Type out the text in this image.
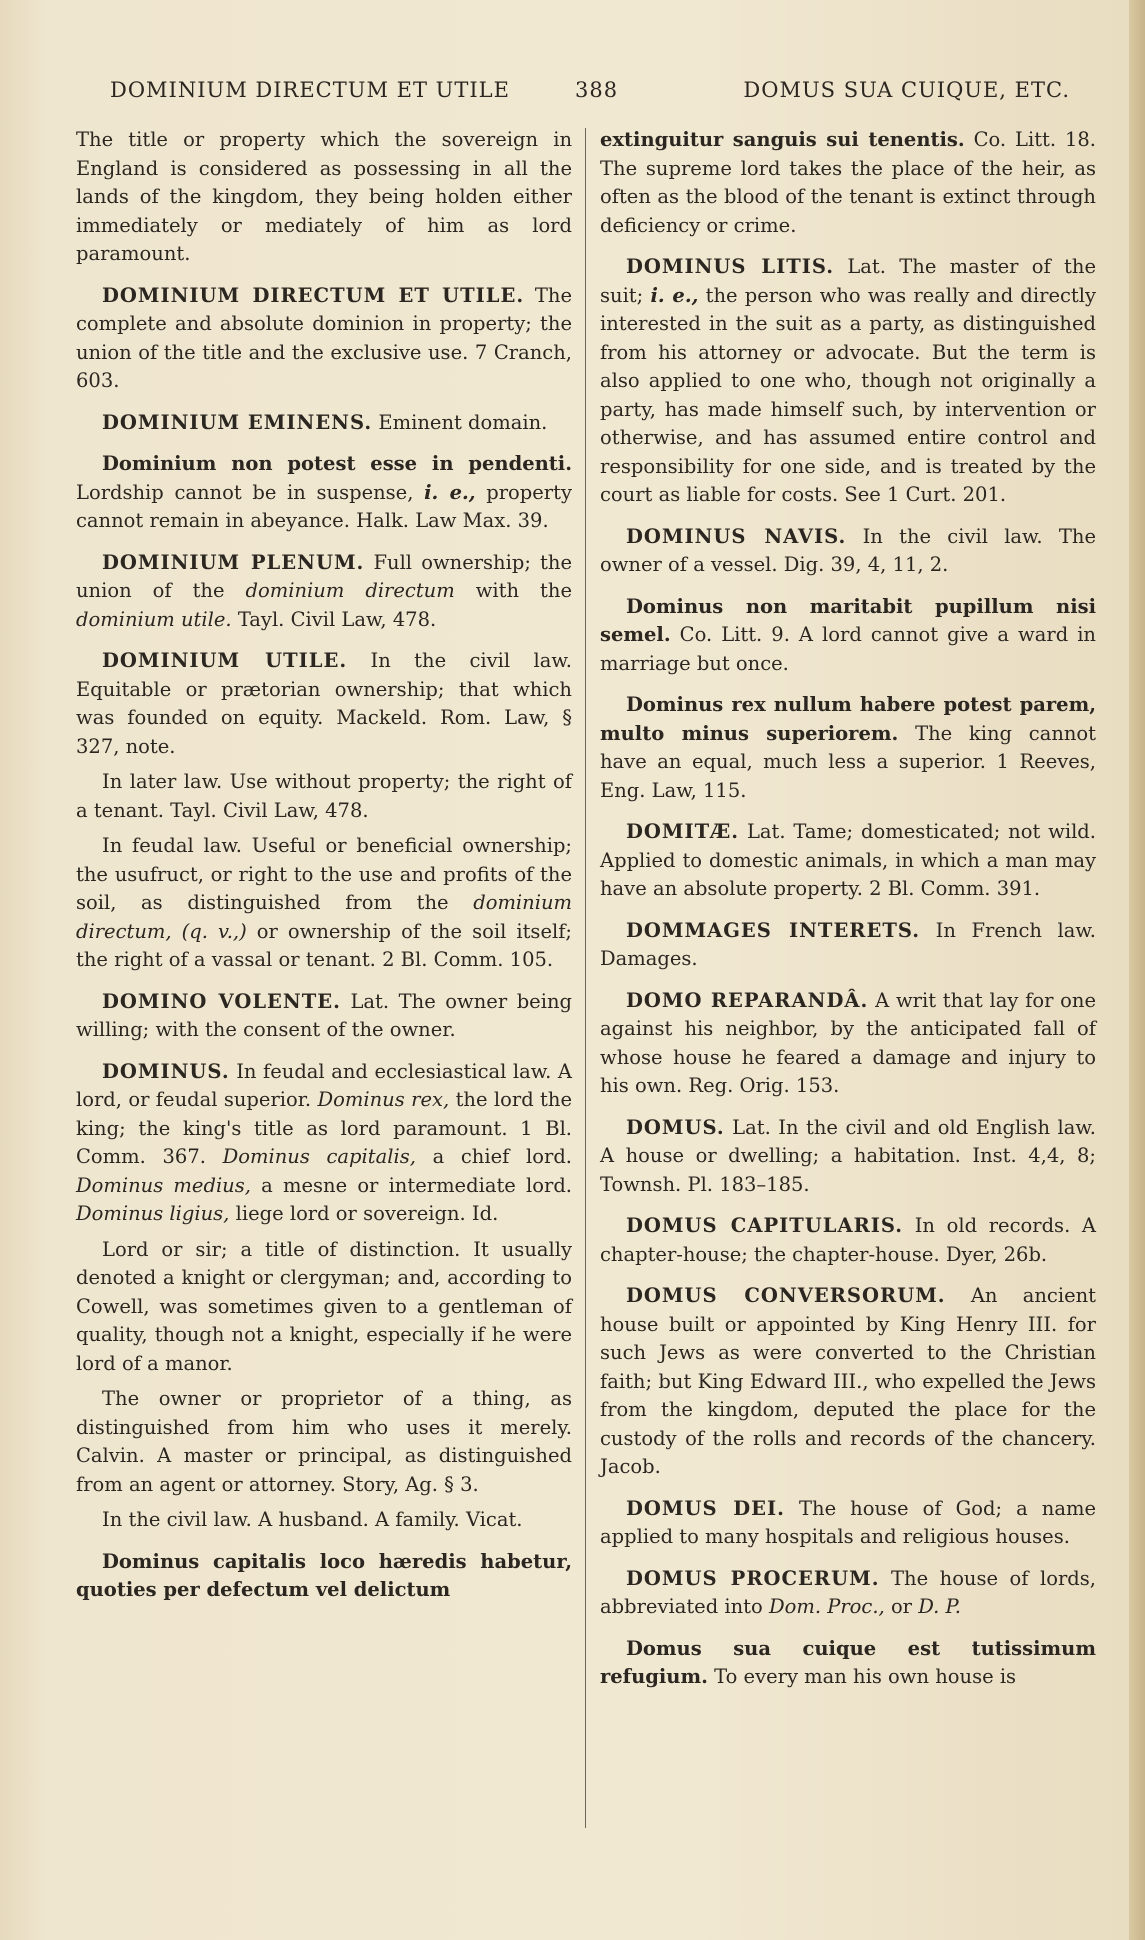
DOMINIUM DIRECTUM ET UTILE	388	DOMUS SUA CUIQUE, ETC.

The title or property which the sovereign in England is considered as possessing in all the lands of the kingdom, they being holden either immediately or mediately of him as lord paramount.

DOMINIUM DIRECTUM ET UTILE. The complete and absolute dominion in property; the union of the title and the exclusive use. 7 Cranch, 603.

DOMINIUM EMINENS. Eminent domain.

Dominium non potest esse in pendenti. Lordship cannot be in suspense, i. e., property cannot remain in abeyance. Halk. Law Max. 39.

DOMINIUM PLENUM. Full ownership; the union of the dominium directum with the dominium utile. Tayl. Civil Law, 478.

DOMINIUM UTILE. In the civil law. Equitable or prætorian ownership; that which was founded on equity. Mackeld. Rom. Law, § 327, note.

In later law. Use without property; the right of a tenant. Tayl. Civil Law, 478.

In feudal law. Useful or beneficial ownership; the usufruct, or right to the use and profits of the soil, as distinguished from the dominium directum, (q. v.,) or ownership of the soil itself; the right of a vassal or tenant. 2 Bl. Comm. 105.

DOMINO VOLENTE. Lat. The owner being willing; with the consent of the owner.

DOMINUS. In feudal and ecclesiastical law. A lord, or feudal superior. Dominus rex, the lord the king; the king's title as lord paramount. 1 Bl. Comm. 367. Dominus capitalis, a chief lord. Dominus medius, a mesne or intermediate lord. Dominus ligius, liege lord or sovereign. Id.

Lord or sir; a title of distinction. It usually denoted a knight or clergyman; and, according to Cowell, was sometimes given to a gentleman of quality, though not a knight, especially if he were lord of a manor.

The owner or proprietor of a thing, as distinguished from him who uses it merely. Calvin. A master or principal, as distinguished from an agent or attorney. Story, Ag. § 3.

In the civil law. A husband. A family. Vicat.

Dominus capitalis loco hæredis habetur, quoties per defectum vel delictum

extinguitur sanguis sui tenentis. Co. Litt. 18. The supreme lord takes the place of the heir, as often as the blood of the tenant is extinct through deficiency or crime.

DOMINUS LITIS. Lat. The master of the suit; i. e., the person who was really and directly interested in the suit as a party, as distinguished from his attorney or advocate. But the term is also applied to one who, though not originally a party, has made himself such, by intervention or otherwise, and has assumed entire control and responsibility for one side, and is treated by the court as liable for costs. See 1 Curt. 201.

DOMINUS NAVIS. In the civil law. The owner of a vessel. Dig. 39, 4, 11, 2.

Dominus non maritabit pupillum nisi semel. Co. Litt. 9. A lord cannot give a ward in marriage but once.

Dominus rex nullum habere potest parem, multo minus superiorem. The king cannot have an equal, much less a superior. 1 Reeves, Eng. Law, 115.

DOMITÆ. Lat. Tame; domesticated; not wild. Applied to domestic animals, in which a man may have an absolute property. 2 Bl. Comm. 391.

DOMMAGES INTERETS. In French law. Damages.

DOMO REPARANDÂ. A writ that lay for one against his neighbor, by the anticipated fall of whose house he feared a damage and injury to his own. Reg. Orig. 153.

DOMUS. Lat. In the civil and old English law. A house or dwelling; a habitation. Inst. 4,4, 8; Townsh. Pl. 183–185.

DOMUS CAPITULARIS. In old records. A chapter-house; the chapter-house. Dyer, 26b.

DOMUS CONVERSORUM. An ancient house built or appointed by King Henry III. for such Jews as were converted to the Christian faith; but King Edward III., who expelled the Jews from the kingdom, deputed the place for the custody of the rolls and records of the chancery. Jacob.

DOMUS DEI. The house of God; a name applied to many hospitals and religious houses.

DOMUS PROCERUM. The house of lords, abbreviated into Dom. Proc., or D. P.

Domus sua cuique est tutissimum refugium. To every man his own house is
